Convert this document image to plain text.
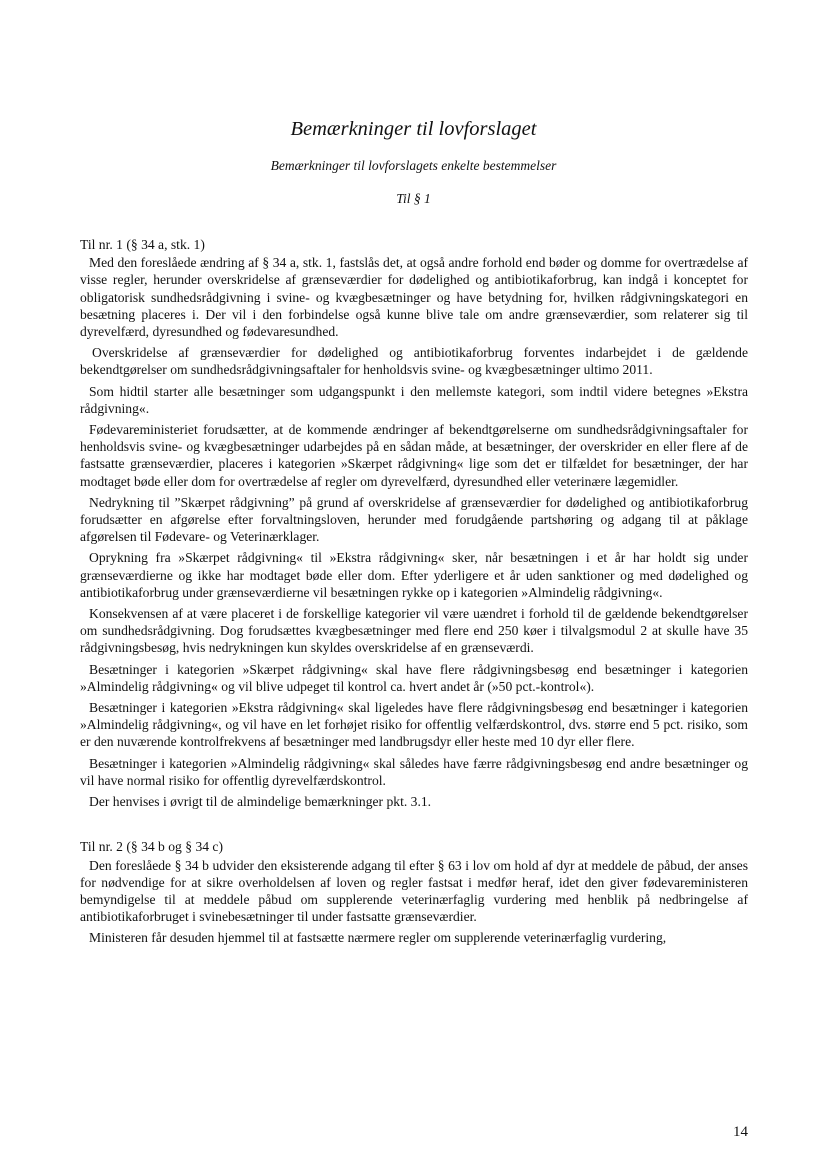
Bemærkninger til lovforslaget
Bemærkninger til lovforslagets enkelte bestemmelser
Til § 1

Til nr. 1 (§ 34 a, stk. 1)

Med den foreslåede ændring af § 34 a, stk. 1, fastslås det, at også andre forhold end bøder og domme for overtrædelse af visse regler, herunder overskridelse af grænseværdier for dødelighed og antibiotikaforbrug, kan indgå i konceptet for obligatorisk sundhedsrådgivning i svine- og kvægbesætninger og have betydning for, hvilken rådgivningskategori en besætning placeres i. Der vil i den forbindelse også kunne blive tale om andre grænseværdier, som relaterer sig til dyrevelfærd, dyresundhed og fødevaresundhed.

Overskridelse af grænseværdier for dødelighed og antibiotikaforbrug forventes indarbejdet i de gældende bekendtgørelser om sundhedsrådgivningsaftaler for henholdsvis svine- og kvægbesætninger ultimo 2011.

Som hidtil starter alle besætninger som udgangspunkt i den mellemste kategori, som indtil videre betegnes »Ekstra rådgivning«.

Fødevareministeriet forudsætter, at de kommende ændringer af bekendtgørelserne om sundhedsrådgivningsaftaler for henholdsvis svine- og kvægbesætninger udarbejdes på en sådan måde, at besætninger, der overskrider en eller flere af de fastsatte grænseværdier, placeres i kategorien »Skærpet rådgivning« lige som det er tilfældet for besætninger, der har modtaget bøde eller dom for overtrædelse af regler om dyrevelfærd, dyresundhed eller veterinære lægemidler.

Nedrykning til ”Skærpet rådgivning” på grund af overskridelse af grænseværdier for dødelighed og antibiotikaforbrug forudsætter en afgørelse efter forvaltningsloven, herunder med forudgående partshøring og adgang til at påklage afgørelsen til Fødevare- og Veterinærklager.

Oprykning fra »Skærpet rådgivning« til »Ekstra rådgivning« sker, når besætningen i et år har holdt sig under grænseværdierne og ikke har modtaget bøde eller dom. Efter yderligere et år uden sanktioner og med dødelighed og antibiotikaforbrug under grænseværdierne vil besætningen rykke op i kategorien »Almindelig rådgivning«.

Konsekvensen af at være placeret i de forskellige kategorier vil være uændret i forhold til de gældende bekendtgørelser om sundhedsrådgivning. Dog forudsættes kvægbesætninger med flere end 250 køer i tilvalgsmodul 2 at skulle have 35 rådgivningsbesøg, hvis nedrykningen kun skyldes overskridelse af en grænseværdi.

Besætninger i kategorien »Skærpet rådgivning« skal have flere rådgivningsbesøg end besætninger i kategorien »Almindelig rådgivning« og vil blive udpeget til kontrol ca. hvert andet år (»50 pct.-kontrol«).

Besætninger i kategorien »Ekstra rådgivning« skal ligeledes have flere rådgivningsbesøg end besætninger i kategorien »Almindelig rådgivning«, og vil have en let forhøjet risiko for offentlig velfærdskontrol, dvs. større end 5 pct. risiko, som er den nuværende kontrolfrekvens af besætninger med landbrugsdyr eller heste med 10 dyr eller flere.

Besætninger i kategorien »Almindelig rådgivning« skal således have færre rådgivningsbesøg end andre besætninger og vil have normal risiko for offentlig dyrevelfærdskontrol.

Der henvises i øvrigt til de almindelige bemærkninger pkt. 3.1.

Til nr. 2 (§ 34 b og § 34 c)

Den foreslåede § 34 b udvider den eksisterende adgang til efter § 63 i lov om hold af dyr at meddele de påbud, der anses for nødvendige for at sikre overholdelsen af loven og regler fastsat i medfør heraf, idet den giver fødevareministeren bemyndigelse til at meddele påbud om supplerende veterinærfaglig vurdering med henblik på nedbringelse af antibiotikaforbruget i svinebesætninger til under fastsatte grænseværdier.

Ministeren får desuden hjemmel til at fastsætte nærmere regler om supplerende veterinærfaglig vurdering,

14
